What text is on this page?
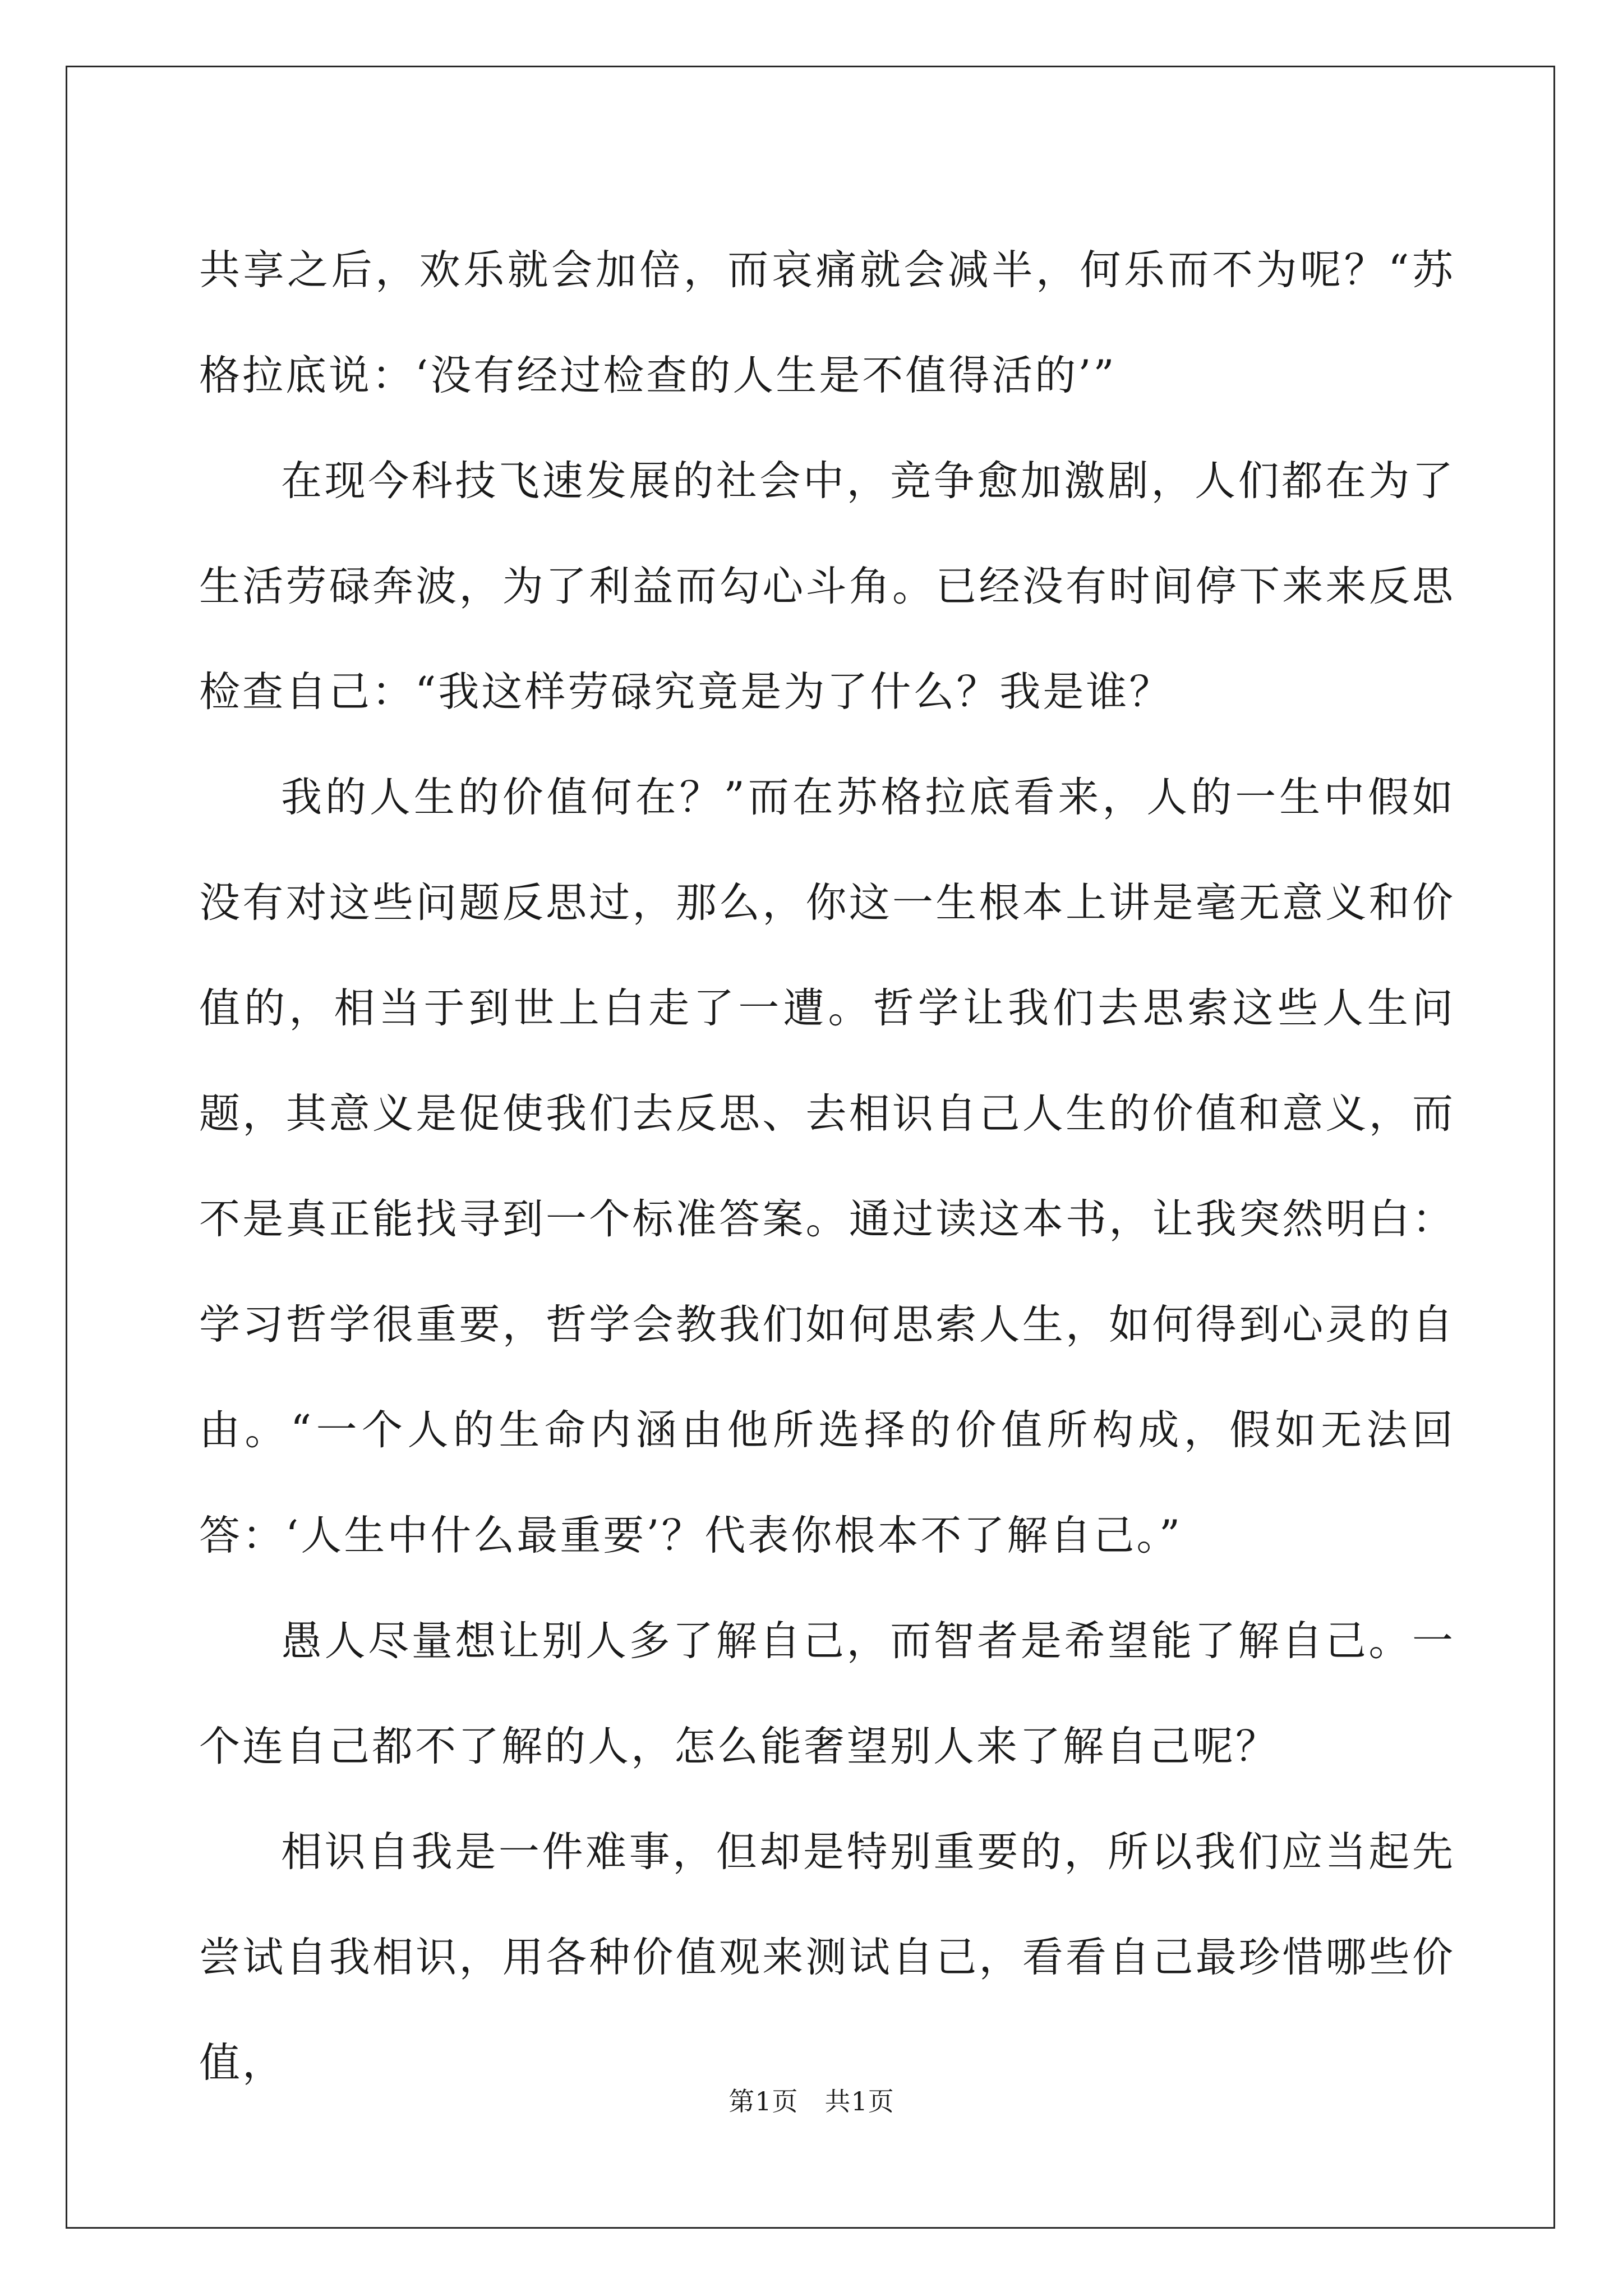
共享之后，欢乐就会加倍，而哀痛就会减半，何乐而不为呢？“苏格拉底说：‘没有经过检查的人生是不值得活的’”

在现今科技飞速发展的社会中，竞争愈加激剧，人们都在为了生活劳碌奔波，为了利益而勾心斗角。已经没有时间停下来来反思检查自己：“我这样劳碌究竟是为了什么？我是谁？

我的人生的价值何在？”而在苏格拉底看来，人的一生中假如没有对这些问题反思过，那么，你这一生根本上讲是毫无意义和价值的，相当于到世上白走了一遭。哲学让我们去思索这些人生问题，其意义是促使我们去反思、去相识自己人生的价值和意义，而不是真正能找寻到一个标准答案。通过读这本书，让我突然明白：学习哲学很重要，哲学会教我们如何思索人生，如何得到心灵的自由。“一个人的生命内涵由他所选择的价值所构成，假如无法回答：‘人生中什么最重要’？代表你根本不了解自己。”

愚人尽量想让别人多了解自己，而智者是希望能了解自己。一个连自己都不了解的人，怎么能奢望别人来了解自己呢？

相识自我是一件难事，但却是特别重要的，所以我们应当起先尝试自我相识，用各种价值观来测试自己，看看自己最珍惜哪些价值，

第1页　共1页
